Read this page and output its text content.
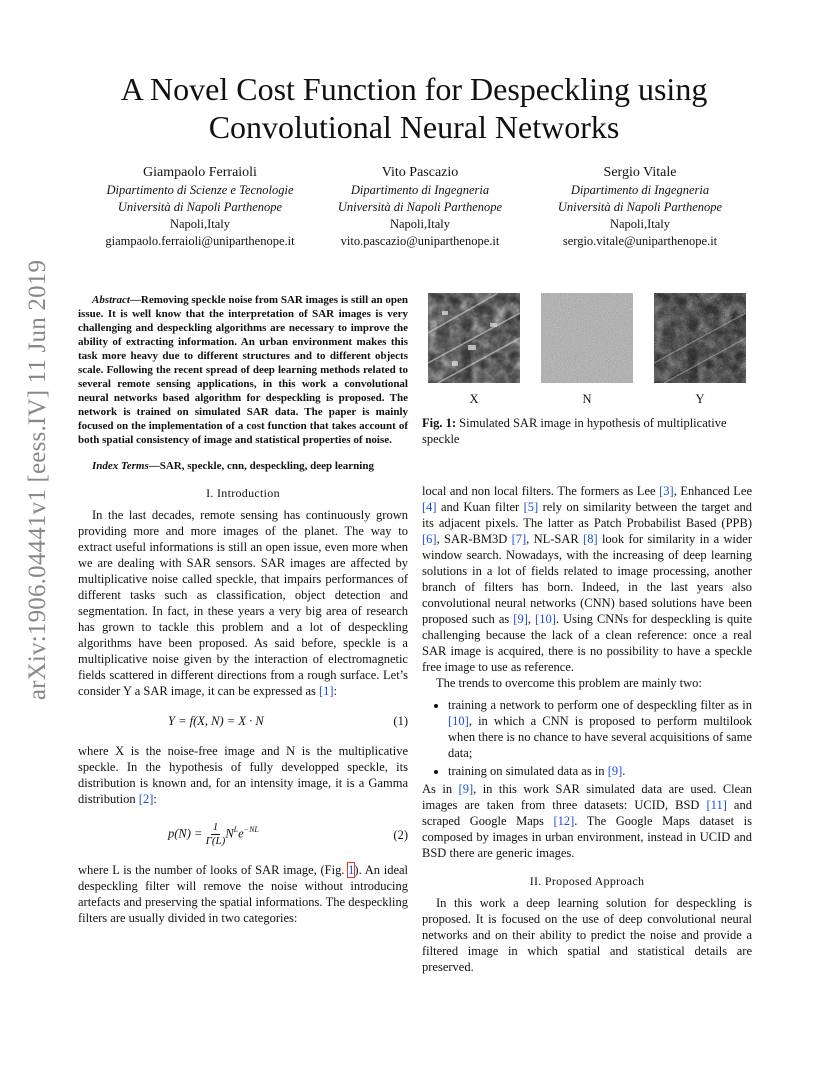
arXiv:1906.04441v1 [eess.IV] 11 Jun 2019
A Novel Cost Function for Despeckling using Convolutional Neural Networks
Giampaolo Ferraioli
Dipartimento di Scienze e Tecnologie
Università di Napoli Parthenope
Napoli,Italy
giampaolo.ferraioli@uniparthenope.it
Vito Pascazio
Dipartimento di Ingegneria
Università di Napoli Parthenope
Napoli,Italy
vito.pascazio@uniparthenope.it
Sergio Vitale
Dipartimento di Ingegneria
Università di Napoli Parthenope
Napoli,Italy
sergio.vitale@uniparthenope.it

Abstract—Removing speckle noise from SAR images is still an open issue. It is well know that the interpretation of SAR images is very challenging and despeckling algorithms are necessary to improve the ability of extracting information. An urban environment makes this task more heavy due to different structures and to different objects scale. Following the recent spread of deep learning methods related to several remote sensing applications, in this work a convolutional neural networks based algorithm for despeckling is proposed. The network is trained on simulated SAR data. The paper is mainly focused on the implementation of a cost function that takes account of both spatial consistency of image and statistical properties of noise.

Index Terms—SAR, speckle, cnn, despeckling, deep learning

I. Introduction

In the last decades, remote sensing has continuously grown providing more and more images of the planet. The way to extract useful informations is still an open issue, even more when we are dealing with SAR sensors. SAR images are affected by multiplicative noise called speckle, that impairs performances of different tasks such as classification, object detection and segmentation. In fact, in these years a very big area of research has grown to tackle this problem and a lot of despeckling algorithms have been proposed. As said before, speckle is a multiplicative noise given by the interaction of electromagnetic fields scattered in different directions from a rough surface. Let’s consider Y a SAR image, it can be expressed as [1]:

Y = f(X, N) = X · N	(1)

where X is the noise-free image and N is the multiplicative speckle. In the hypothesis of fully developped speckle, its distribution is known and, for an intensity image, it is a Gamma distribution [2]:

$p(N) = \frac{1}{\Gamma(L)} N^Le^{-NL}$	(2)

where L is the number of looks of SAR image, (Fig. 1). An ideal despeckling filter will remove the noise without introducing artefacts and preserving the spatial informations. The despeckling filters are usually divided in two categories:

X	N	Y
Fig. 1: Simulated SAR image in hypothesis of multiplicative speckle

local and non local filters. The formers as Lee [3], Enhanced Lee [4] and Kuan filter [5] rely on similarity between the target and its adjacent pixels. The latter as Patch Probabilist Based (PPB) [6], SAR-BM3D [7], NL-SAR [8] look for similarity in a wider window search. Nowadays, with the increasing of deep learning solutions in a lot of fields related to image processing, another branch of filters has born. Indeed, in the last years also convolutional neural networks (CNN) based solutions have been proposed such as [9], [10]. Using CNNs for despeckling is quite challenging because the lack of a clean reference: once a real SAR image is acquired, there is no possibility to have a speckle free image to use as reference.

The trends to overcome this problem are mainly two:

• training a network to perform one of despeckling filter as in [10], in which a CNN is proposed to perform multilook when there is no chance to have several acquisitions of same data;
• training on simulated data as in [9].

As in [9], in this work SAR simulated data are used. Clean images are taken from three datasets: UCID, BSD [11] and scraped Google Maps [12]. The Google Maps dataset is composed by images in urban environment, instead in UCID and BSD there are generic images.

II. Proposed Approach

In this work a deep learning solution for despeckling is proposed. It is focused on the use of deep convolutional neural networks and on their ability to predict the noise and provide a filtered image in which spatial and statistical details are preserved.
